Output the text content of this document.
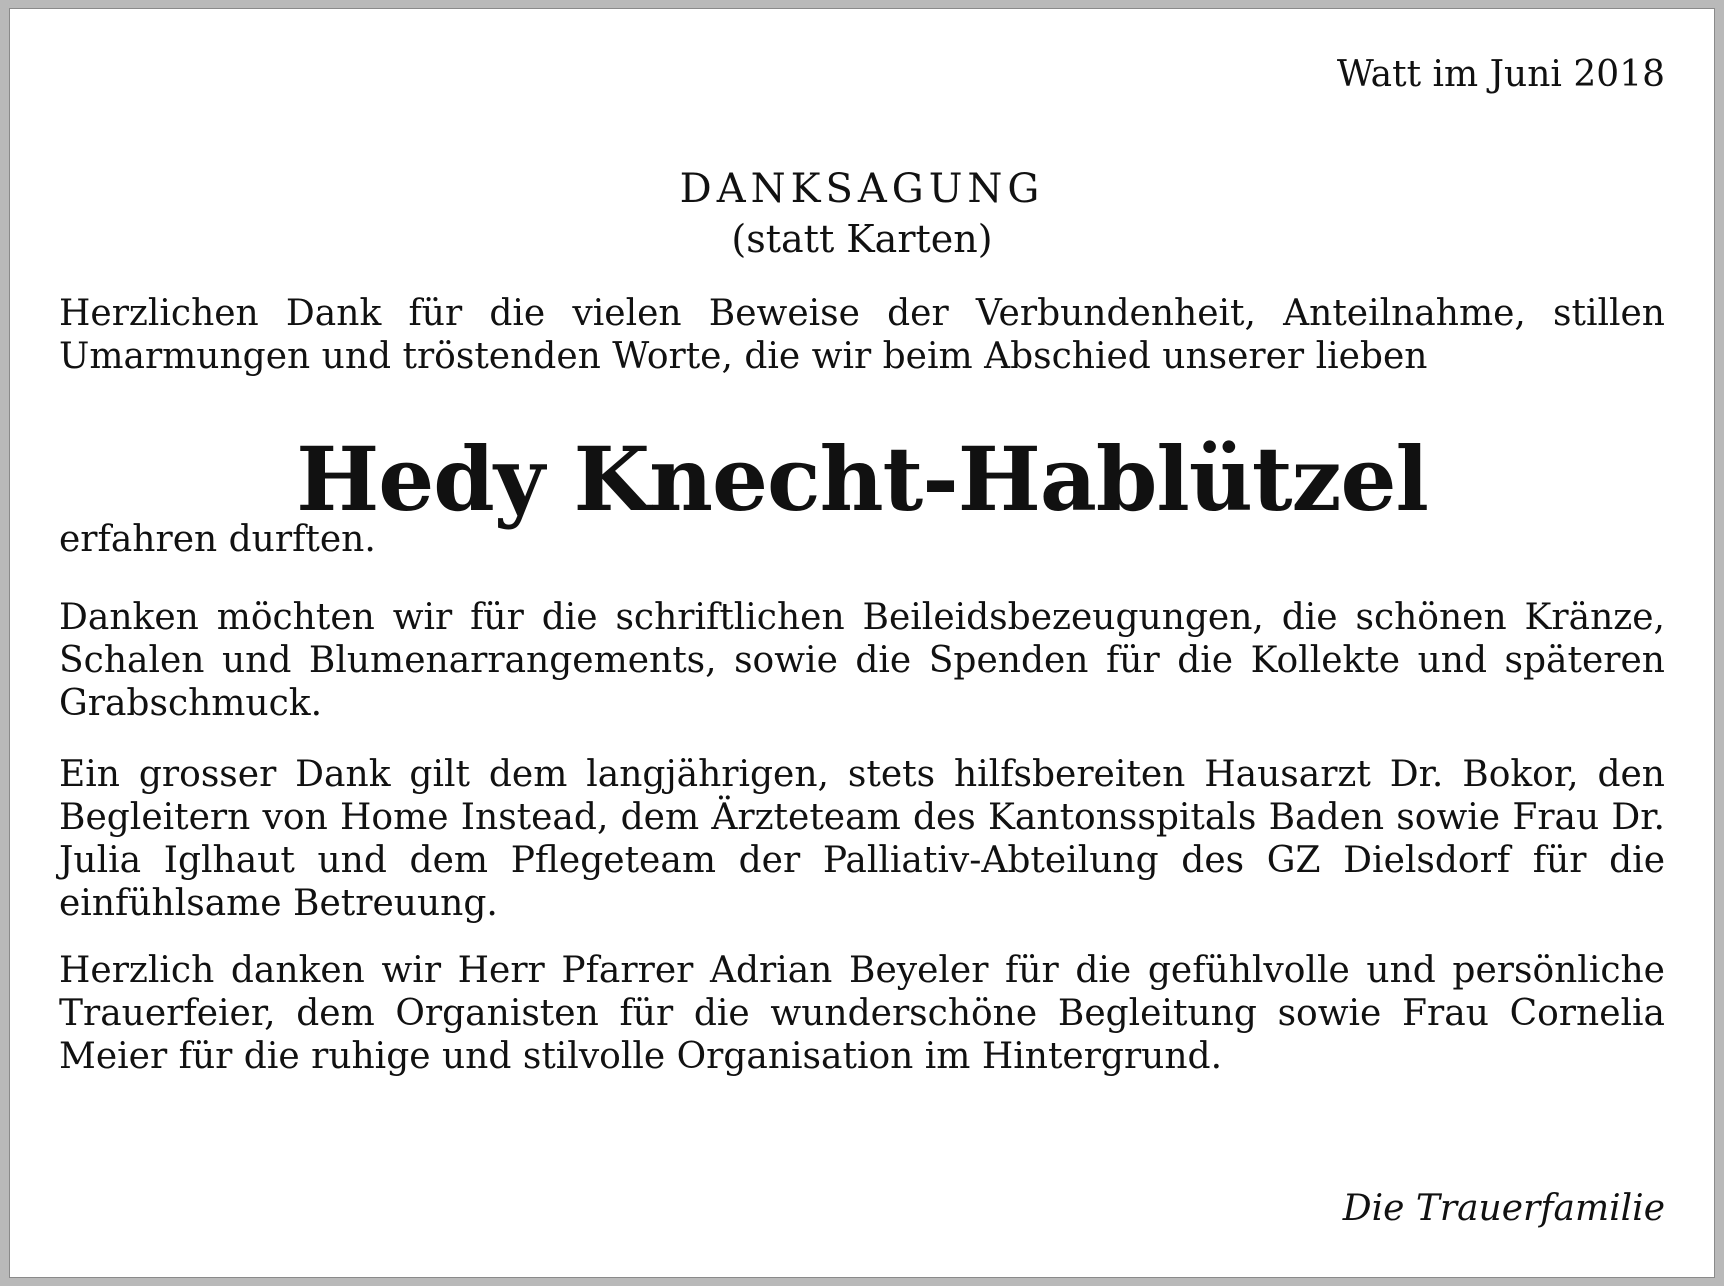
Watt im Juni 2018

DANKSAGUNG

(statt Karten)

Herzlichen Dank für die vielen Beweise der Verbundenheit, Anteilnahme, stillen Umarmungen und tröstenden Worte, die wir beim Abschied unserer lieben

Hedy Knecht-Hablützel

erfahren durften.

Danken möchten wir für die schriftlichen Beileidsbezeugungen, die schönen Kränze, Schalen und Blumenarrangements, sowie die Spenden für die Kollekte und späteren Grabschmuck.

Ein grosser Dank gilt dem langjährigen, stets hilfsbereiten Hausarzt Dr. Bokor, den Begleitern von Home Instead, dem Ärzteteam des Kantonsspitals Baden sowie Frau Dr. Julia Iglhaut und dem Pflegeteam der Palliativ-Abteilung des GZ Dielsdorf für die einfühlsame Betreuung.

Herzlich danken wir Herr Pfarrer Adrian Beyeler für die gefühlvolle und persönliche Trauerfeier, dem Organisten für die wunderschöne Begleitung sowie Frau Cornelia Meier für die ruhige und stilvolle Organisation im Hintergrund.

Die Trauerfamilie
